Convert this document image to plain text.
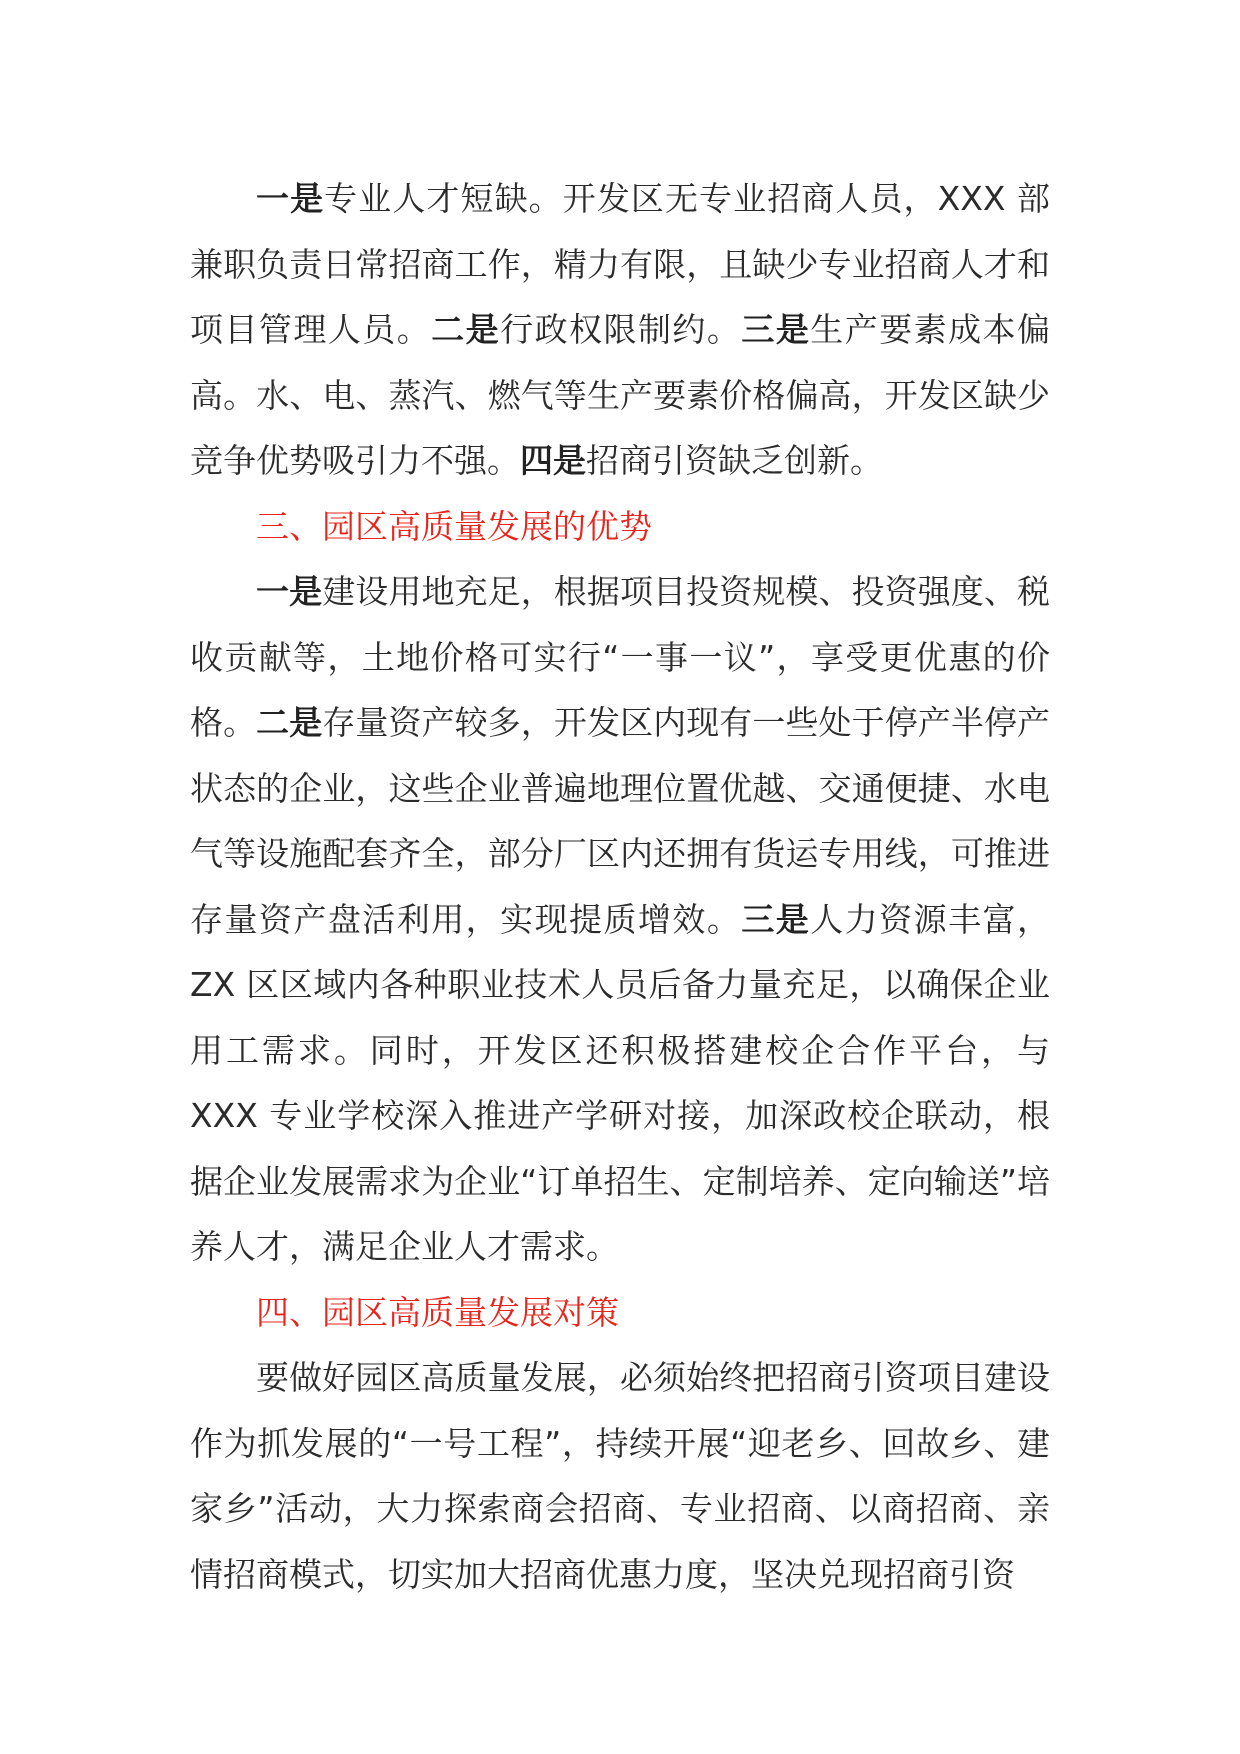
一是专业人才短缺。开发区无专业招商人员，XXX 部兼职负责日常招商工作，精力有限，且缺少专业招商人才和项目管理人员。二是行政权限制约。三是生产要素成本偏高。水、电、蒸汽、燃气等生产要素价格偏高，开发区缺少竞争优势吸引力不强。四是招商引资缺乏创新。

三、园区高质量发展的优势

一是建设用地充足，根据项目投资规模、投资强度、税收贡献等，土地价格可实行“一事一议”，享受更优惠的价格。二是存量资产较多，开发区内现有一些处于停产半停产状态的企业，这些企业普遍地理位置优越、交通便捷、水电气等设施配套齐全，部分厂区内还拥有货运专用线，可推进存量资产盘活利用，实现提质增效。三是人力资源丰富，ZX 区区域内各种职业技术人员后备力量充足，以确保企业用工需求。同时，开发区还积极搭建校企合作平台，与 XXX 专业学校深入推进产学研对接，加深政校企联动，根据企业发展需求为企业“订单招生、定制培养、定向输送”培养人才，满足企业人才需求。

四、园区高质量发展对策

要做好园区高质量发展，必须始终把招商引资项目建设作为抓发展的“一号工程”，持续开展“迎老乡、回故乡、建家乡”活动，大力探索商会招商、专业招商、以商招商、亲情招商模式，切实加大招商优惠力度，坚决兑现招商引资
